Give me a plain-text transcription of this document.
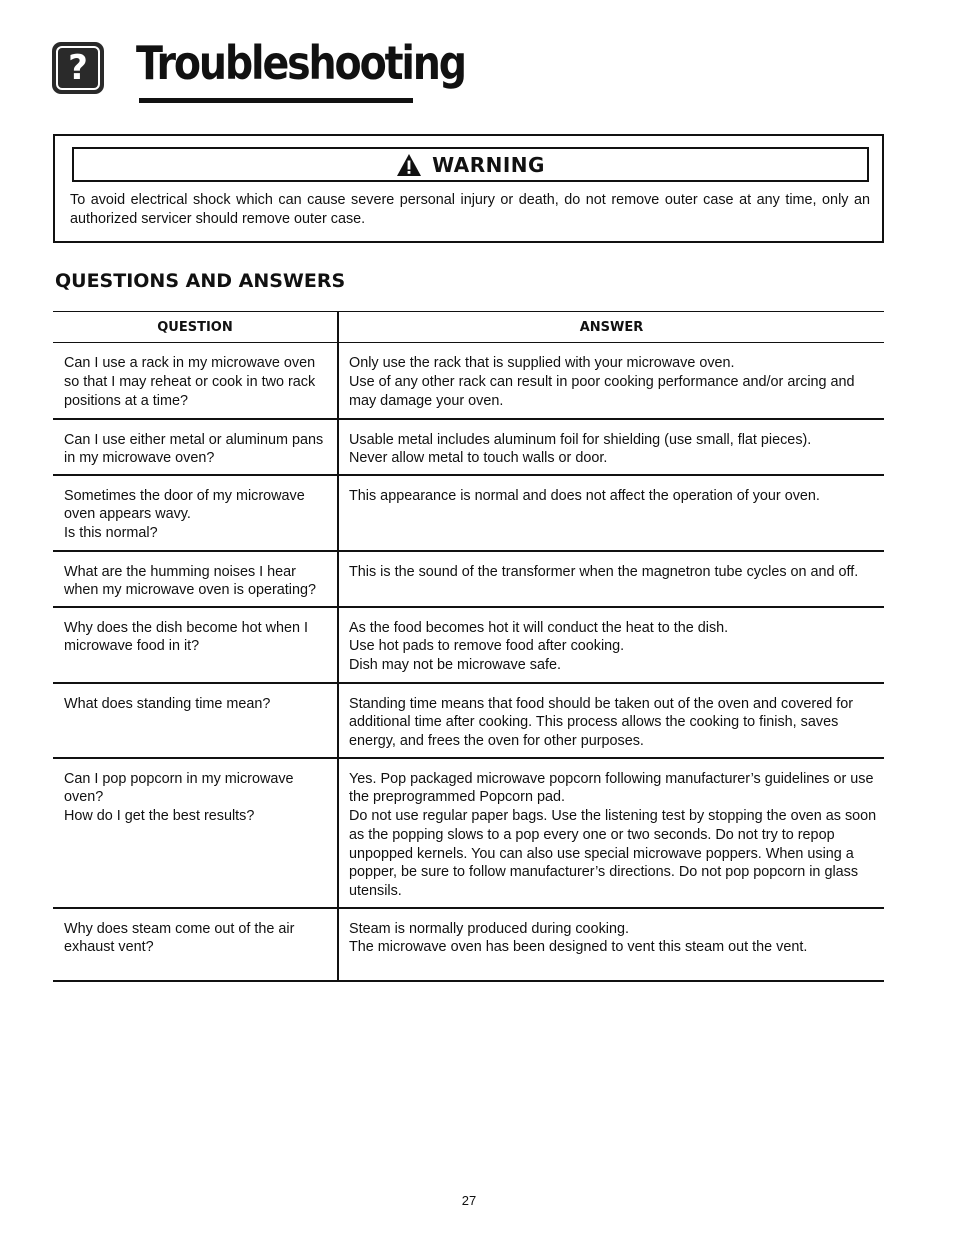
? Troubleshooting
WARNING
To avoid electrical shock which can cause severe personal injury or death, do not remove outer case at any time, only an authorized servicer should remove outer case.
QUESTIONS AND ANSWERS
QUESTION	ANSWER

Can I use a rack in my microwave oven so that I may reheat or cook in two rack positions at a time?	Only use the rack that is supplied with your microwave oven.
Use of any other rack can result in poor cooking performance and/or arcing and may damage your oven.

Can I use either metal or aluminum pans in my microwave oven?	Usable metal includes aluminum foil for shielding (use small, flat pieces).
Never allow metal to touch walls or door.

Sometimes the door of my microwave oven appears wavy.
Is this normal?	This appearance is normal and does not affect the operation of your oven.

What are the humming noises I hear when my microwave oven is operating?	This is the sound of the transformer when the magnetron tube cycles on and off.

Why does the dish become hot when I microwave food in it?	As the food becomes hot it will conduct the heat to the dish.
Use hot pads to remove food after cooking.
Dish may not be microwave safe.

What does standing time mean?	Standing time means that food should be taken out of the oven and covered for additional time after cooking. This process allows the cooking to finish, saves energy, and frees the oven for other purposes.

Can I pop popcorn in my microwave oven?
How do I get the best results?	Yes. Pop packaged microwave popcorn following manufacturer’s guidelines or use the preprogrammed Popcorn pad.
Do not use regular paper bags. Use the listening test by stopping the oven as soon as the popping slows to a pop every one or two seconds. Do not try to repop unpopped kernels. You can also use special microwave poppers. When using a popper, be sure to follow manufacturer’s directions. Do not pop popcorn in glass utensils.

Why does steam come out of the air exhaust vent?	Steam is normally produced during cooking.
The microwave oven has been designed to vent this steam out the vent.
27
